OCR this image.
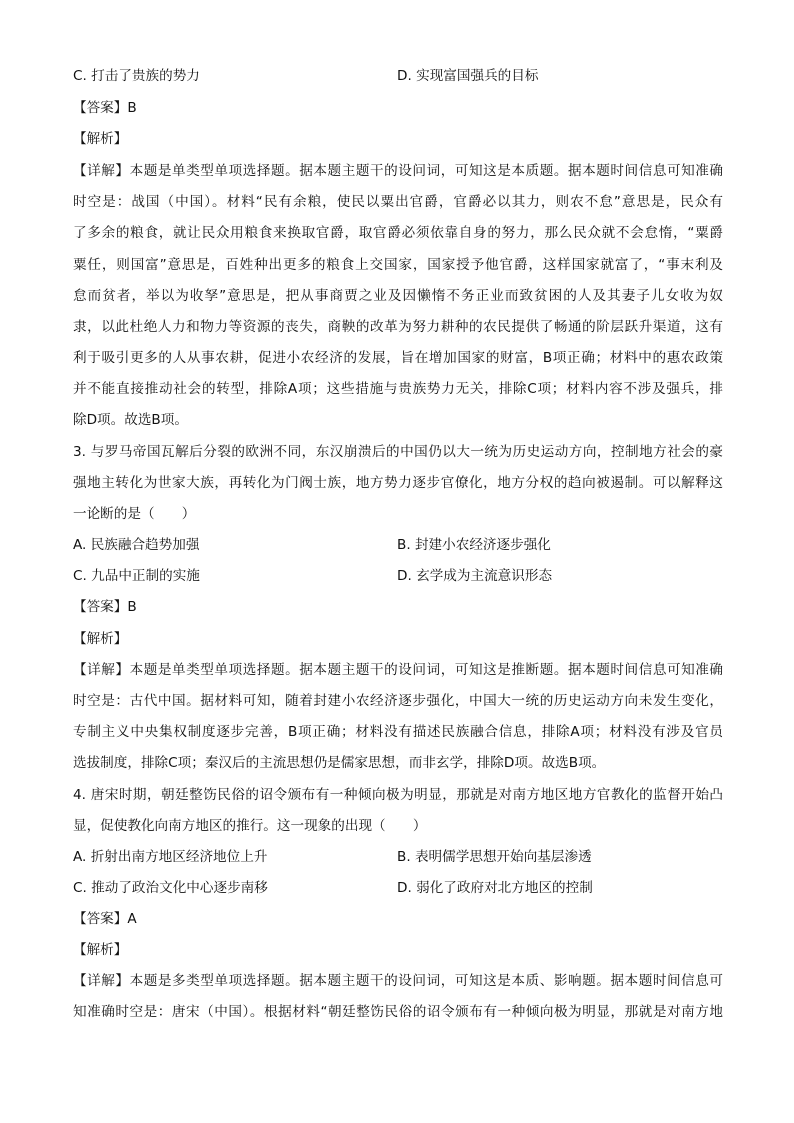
C. 打击了贵族的势力	D. 实现富国强兵的目标
【答案】B
【解析】
【详解】本题是单类型单项选择题。据本题主题干的设问词，可知这是本质题。据本题时间信息可知准确
时空是：战国（中国）。材料“民有余粮，使民以粟出官爵，官爵必以其力，则农不怠”意思是，民众有
了多余的粮食，就让民众用粮食来换取官爵，取官爵必须依靠自身的努力，那么民众就不会怠惰，“粟爵
粟任，则国富”意思是，百姓种出更多的粮食上交国家，国家授予他官爵，这样国家就富了，“事末利及
怠而贫者，举以为收孥”意思是，把从事商贾之业及因懒惰不务正业而致贫困的人及其妻子儿女收为奴
隶，以此杜绝人力和物力等资源的丧失，商鞅的改革为努力耕种的农民提供了畅通的阶层跃升渠道，这有
利于吸引更多的人从事农耕，促进小农经济的发展，旨在增加国家的财富，B项正确；材料中的惠农政策
并不能直接推动社会的转型，排除A项；这些措施与贵族势力无关，排除C项；材料内容不涉及强兵，排
除D项。故选B项。
3. 与罗马帝国瓦解后分裂的欧洲不同，东汉崩溃后的中国仍以大一统为历史运动方向，控制地方社会的豪
强地主转化为世家大族，再转化为门阀士族，地方势力逐步官僚化，地方分权的趋向被遏制。可以解释这
一论断的是（　　）
A. 民族融合趋势加强	B. 封建小农经济逐步强化
C. 九品中正制的实施	D. 玄学成为主流意识形态
【答案】B
【解析】
【详解】本题是单类型单项选择题。据本题主题干的设问词，可知这是推断题。据本题时间信息可知准确
时空是：古代中国。据材料可知，随着封建小农经济逐步强化，中国大一统的历史运动方向未发生变化，
专制主义中央集权制度逐步完善，B项正确；材料没有描述民族融合信息，排除A项；材料没有涉及官员
选拔制度，排除C项；秦汉后的主流思想仍是儒家思想，而非玄学，排除D项。故选B项。
4. 唐宋时期，朝廷整饬民俗的诏令颁布有一种倾向极为明显，那就是对南方地区地方官教化的监督开始凸
显，促使教化向南方地区的推行。这一现象的出现（　　）
A. 折射出南方地区经济地位上升	B. 表明儒学思想开始向基层渗透
C. 推动了政治文化中心逐步南移	D. 弱化了政府对北方地区的控制
【答案】A
【解析】
【详解】本题是多类型单项选择题。据本题主题干的设问词，可知这是本质、影响题。据本题时间信息可
知准确时空是：唐宋（中国）。根据材料“朝廷整饬民俗的诏令颁布有一种倾向极为明显，那就是对南方地
